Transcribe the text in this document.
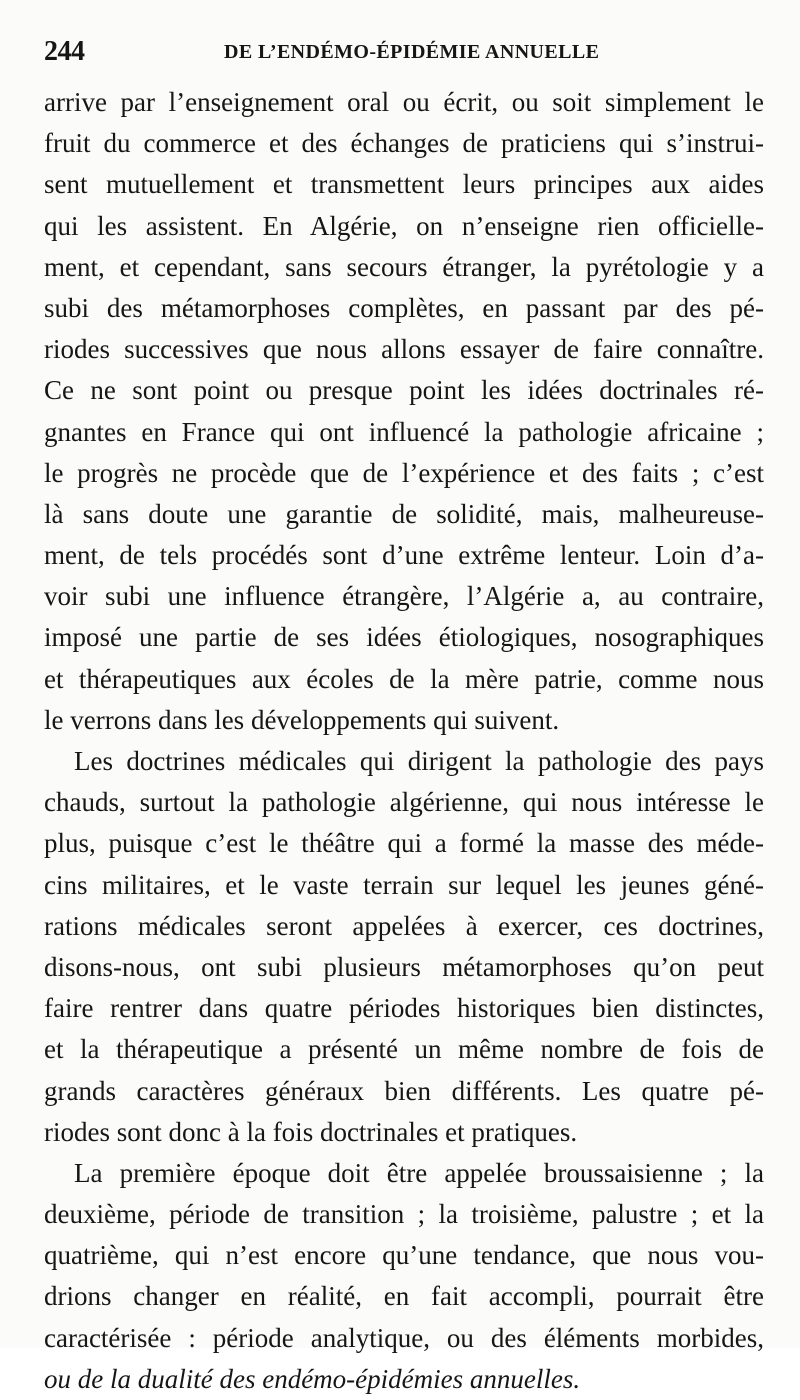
244	DE L’ENDÉMO-ÉPIDÉMIE ANNUELLE
arrive par l’enseignement oral ou écrit, ou soit simplement le
fruit du commerce et des échanges de praticiens qui s’instrui-
sent mutuellement et transmettent leurs principes aux aides
qui les assistent. En Algérie, on n’enseigne rien officielle-
ment, et cependant, sans secours étranger, la pyrétologie y a
subi des métamorphoses complètes, en passant par des pé-
riodes successives que nous allons essayer de faire connaître.
Ce ne sont point ou presque point les idées doctrinales ré-
gnantes en France qui ont influencé la pathologie africaine ;
le progrès ne procède que de l’expérience et des faits ; c’est
là sans doute une garantie de solidité, mais, malheureuse-
ment, de tels procédés sont d’une extrême lenteur. Loin d’a-
voir subi une influence étrangère, l’Algérie a, au contraire,
imposé une partie de ses idées étiologiques, nosographiques
et thérapeutiques aux écoles de la mère patrie, comme nous
le verrons dans les développements qui suivent.
Les doctrines médicales qui dirigent la pathologie des pays
chauds, surtout la pathologie algérienne, qui nous intéresse le
plus, puisque c’est le théâtre qui a formé la masse des méde-
cins militaires, et le vaste terrain sur lequel les jeunes géné-
rations médicales seront appelées à exercer, ces doctrines,
disons-nous, ont subi plusieurs métamorphoses qu’on peut
faire rentrer dans quatre périodes historiques bien distinctes,
et la thérapeutique a présenté un même nombre de fois de
grands caractères généraux bien différents. Les quatre pé-
riodes sont donc à la fois doctrinales et pratiques.
La première époque doit être appelée broussaisienne ; la
deuxième, période de transition ; la troisième, palustre ; et la
quatrième, qui n’est encore qu’une tendance, que nous vou-
drions changer en réalité, en fait accompli, pourrait être
caractérisée : période analytique, ou des éléments morbides,
ou de la dualité des endémo-épidémies annuelles.
